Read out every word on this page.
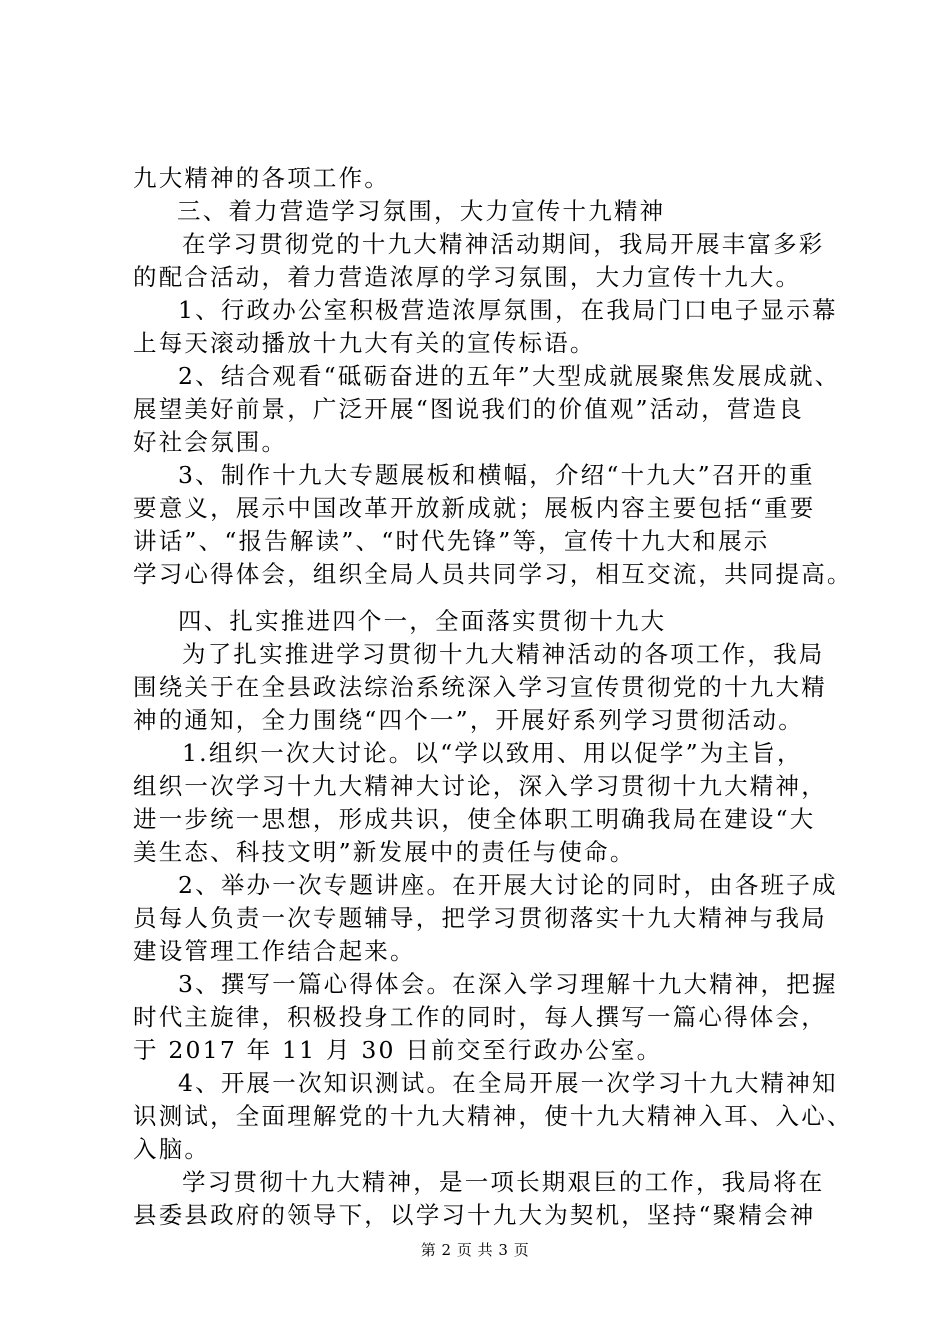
九大精神的各项工作。
三、着力营造学习氛围，大力宣传十九精神
在学习贯彻党的十九大精神活动期间，我局开展丰富多彩
的配合活动，着力营造浓厚的学习氛围，大力宣传十九大。
1、行政办公室积极营造浓厚氛围，在我局门口电子显示幕
上每天滚动播放十九大有关的宣传标语。
2、结合观看“砥砺奋进的五年”大型成就展聚焦发展成就、
展望美好前景，广泛开展“图说我们的价值观”活动，营造良
好社会氛围。
3、制作十九大专题展板和横幅，介绍“十九大”召开的重
要意义，展示中国改革开放新成就；展板内容主要包括“重要
讲话”、“报告解读”、“时代先锋”等，宣传十九大和展示
学习心得体会，组织全局人员共同学习，相互交流，共同提高。
四、扎实推进四个一，全面落实贯彻十九大
为了扎实推进学习贯彻十九大精神活动的各项工作，我局
围绕关于在全县政法综治系统深入学习宣传贯彻党的十九大精
神的通知，全力围绕“四个一”，开展好系列学习贯彻活动。
1.组织一次大讨论。以“学以致用、用以促学”为主旨，
组织一次学习十九大精神大讨论，深入学习贯彻十九大精神，
进一步统一思想，形成共识，使全体职工明确我局在建设“大
美生态、科技文明”新发展中的责任与使命。
2、举办一次专题讲座。在开展大讨论的同时，由各班子成
员每人负责一次专题辅导，把学习贯彻落实十九大精神与我局
建设管理工作结合起来。
3、撰写一篇心得体会。在深入学习理解十九大精神，把握
时代主旋律，积极投身工作的同时，每人撰写一篇心得体会，
于 2017 年 11 月 30 日前交至行政办公室。
4、开展一次知识测试。在全局开展一次学习十九大精神知
识测试，全面理解党的十九大精神，使十九大精神入耳、入心、
入脑。
学习贯彻十九大精神，是一项长期艰巨的工作，我局将在
县委县政府的领导下，以学习十九大为契机，坚持“聚精会神
第 2 页 共 3 页
